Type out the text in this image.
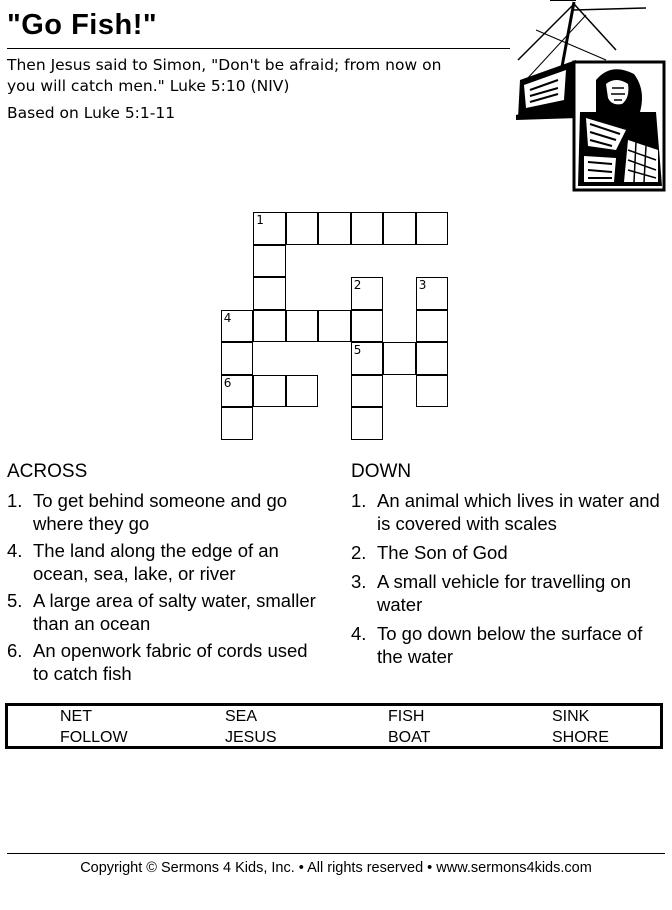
"Go Fish!"
Then Jesus said to Simon, "Don't be afraid; from now on
you will catch men." Luke 5:10 (NIV)
Based on Luke 5:1-11
1
2	3
4
5
6
ACROSS
1. To get behind someone and go where they go
4. The land along the edge of an ocean, sea, lake, or river
5. A large area of salty water, smaller than an ocean
6. An openwork fabric of cords used to catch fish
DOWN
1. An animal which lives in water and is covered with scales
2. The Son of God
3. A small vehicle for travelling on water
4. To go down below the surface of the water
NET	SEA	FISH	SINK
FOLLOW	JESUS	BOAT	SHORE
Copyright © Sermons 4 Kids, Inc. • All rights reserved • www.sermons4kids.com
